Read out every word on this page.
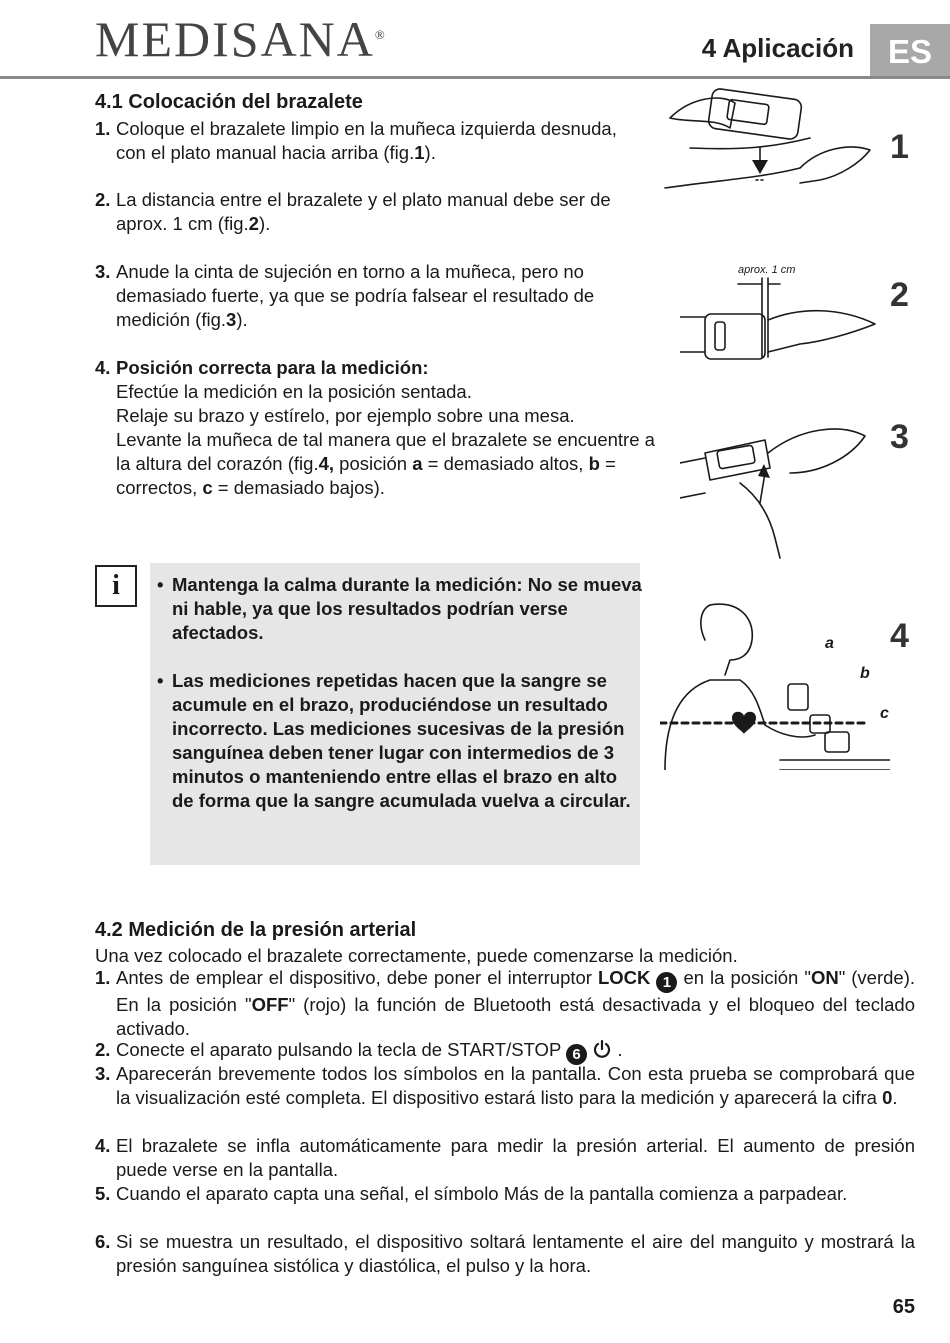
MEDISANA®	4 Aplicación	ES
4.1 Colocación del brazalete
1. Coloque el brazalete limpio en la muñeca izquierda desnuda, con el plato manual hacia arriba (fig.1).
2. La distancia entre el brazalete y el plato manual debe ser de aprox. 1 cm (fig.2).
3. Anude la cinta de sujeción en torno a la muñeca, pero no demasiado fuerte, ya que se podría falsear el resultado de medición (fig.3).
4. Posición correcta para la medición:
Efectúe la medición en la posición sentada.
Relaje su brazo y estírelo, por ejemplo sobre una mesa.
Levante la muñeca de tal manera que el brazalete se encuentre a la altura del corazón (fig.4, posición a = demasiado altos, b = correctos, c = demasiado bajos).
1
2
3
4
aprox. 1 cm
a
b
c
i	• Mantenga la calma durante la medición: No se mueva ni hable, ya que los resultados podrían verse afectados.
• Las mediciones repetidas hacen que la sangre se acumule en el brazo, produciéndose un resultado incorrecto. Las mediciones sucesivas de la presión sanguínea deben tener lugar con intermedios de 3 minutos o manteniendo entre ellas el brazo en alto de forma que la sangre acumulada vuelva a circular.
4.2 Medición de la presión arterial
Una vez colocado el brazalete correctamente, puede comenzarse la medición.
1. Antes de emplear el dispositivo, debe poner el interruptor LOCK 1 en la posición "ON" (verde). En la posición "OFF" (rojo) la función de Bluetooth está desactivada y el bloqueo del teclado activado.
2. Conecte el aparato pulsando la tecla de START/STOP 6  .
3. Aparecerán brevemente todos los símbolos en la pantalla. Con esta prueba se comprobará que la visualización esté completa. El dispositivo estará listo para la medición y aparecerá la cifra 0.
4. El brazalete se infla automáticamente para medir la presión arterial. El aumento de presión puede verse en la pantalla.
5. Cuando el aparato capta una señal, el símbolo Más de la pantalla comienza a parpadear.
6. Si se muestra un resultado, el dispositivo soltará lentamente el aire del manguito y mostrará la presión sanguínea sistólica y diastólica, el pulso y la hora.
65
